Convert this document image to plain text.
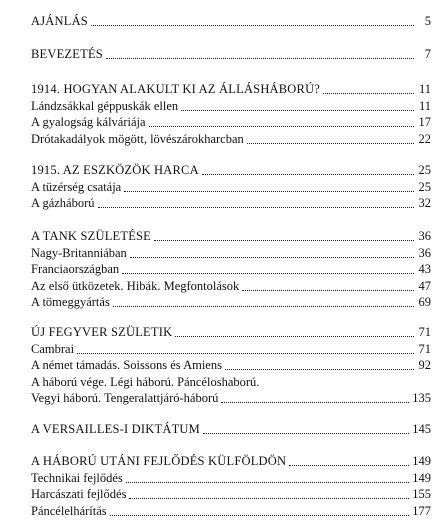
AJÁNLÁS	5
BEVEZETÉS	7
1914. HOGYAN ALAKULT KI AZ ÁLLÁSHÁBORÚ?	11
Lándzsákkal géppuskák ellen	11
A gyalogság kálváriája	17
Drótakadályok mögött, lövészárokharcban	22
1915. AZ ESZKÖZÖK HARCA	25
A tüzérség csatája	25
A gázháború	32
A TANK SZÜLETÉSE	36
Nagy-Britanniában	36
Franciaországban	43
Az első ütközetek. Hibák. Megfontolások	47
A tömeggyártás	69
ÚJ FEGYVER SZÜLETIK	71
Cambrai	71
A német támadás. Soissons és Amiens	92
A háború vége. Légi háború. Páncéloshaború.
Vegyi háború. Tengeralattjáró-háború	135
A VERSAILLES-I DIKTÁTUM	145
A HÁBORÚ UTÁNI FEJLŐDÉS KÜLFÖLDÖN	149
Technikai fejlődés	149
Harcászati fejlődés	155
Páncélelhárítás	177
